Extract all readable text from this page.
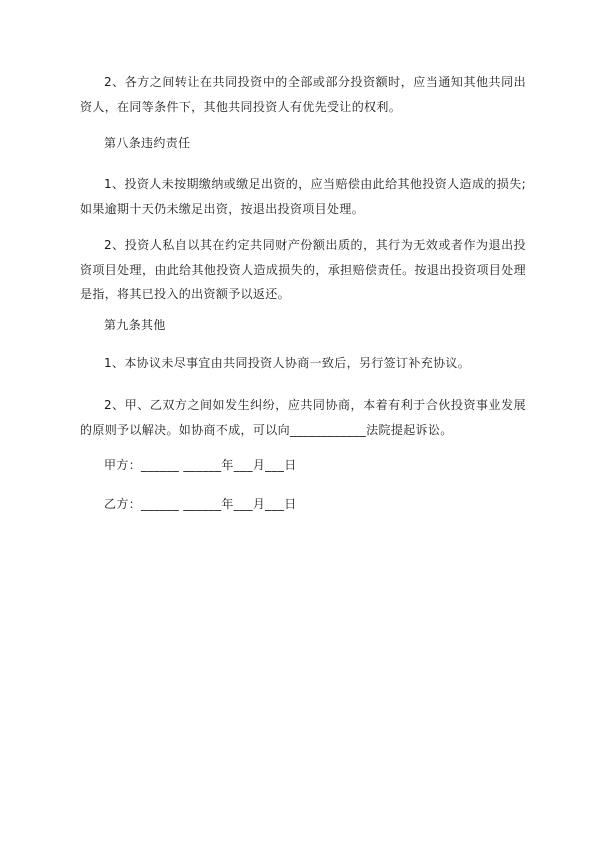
2、各方之间转让在共同投资中的全部或部分投资额时，应当通知其他共同出资人，在同等条件下，其他共同投资人有优先受让的权利。

第八条违约责任

1、投资人未按期缴纳或缴足出资的，应当赔偿由此给其他投资人造成的损失;如果逾期十天仍未缴足出资，按退出投资项目处理。

2、投资人私自以其在约定共同财产份额出质的，其行为无效或者作为退出投资项目处理，由此给其他投资人造成损失的，承担赔偿责任。按退出投资项目处理是指，将其已投入的出资额予以返还。

第九条其他

1、本协议未尽事宜由共同投资人协商一致后，另行签订补充协议。

2、甲、乙双方之间如发生纠纷，应共同协商，本着有利于合伙投资事业发展的原则予以解决。如协商不成，可以向____________法院提起诉讼。

甲方：______ ______年___月___日

乙方：______ ______年___月___日
